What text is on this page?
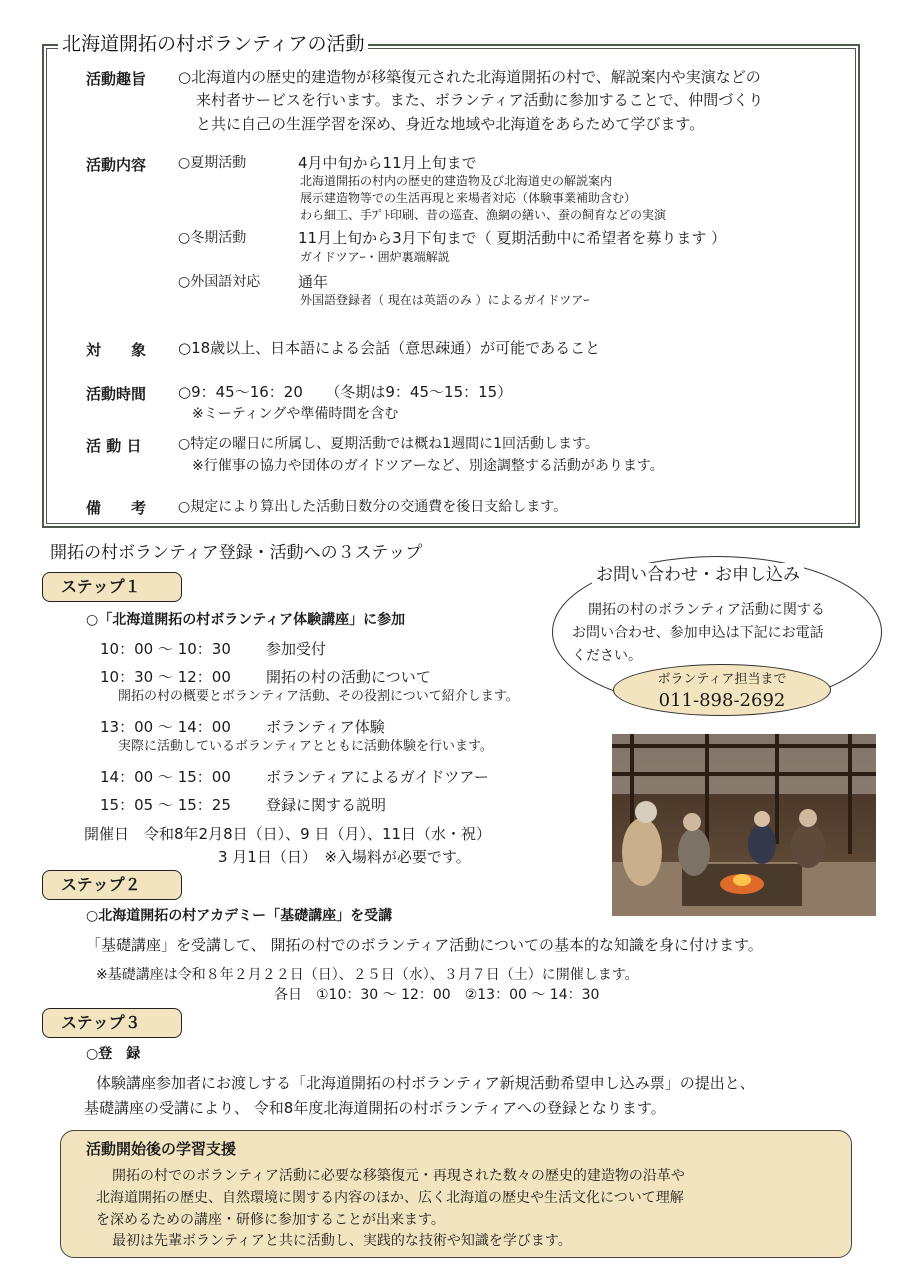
北海道開拓の村ボランティアの活動
活動趣旨 ○北海道内の歴史的建造物が移築復元された北海道開拓の村で、解説案内や実演などの
来村者サービスを行います。また、ボランティア活動に参加することで、仲間づくり
と共に自己の生涯学習を深め、身近な地域や北海道をあらためて学びます。
活動内容 ○夏期活動	4月中旬から11月上旬まで
北海道開拓の村内の歴史的建造物及び北海道史の解説案内
展示建造物等での生活再現と来場者対応（体験事業補助含む）
わら細工、手ﾌﾟﾄ印刷、昔の巡査、漁網の繕い、蚕の飼育などの実演
○冬期活動	11月上旬から3月下旬まで（ 夏期活動中に希望者を募ります ）
ガイドツアｰ・囲炉裏端解説
○外国語対応	通年
外国語登録者（ 現在は英語のみ ）によるガイドツアｰ
対　　象 ○18歳以上、日本語による会話（意思疎通）が可能であること
活動時間 ○9：45～16：20　　（冬期は9：45～15：15）
※ミーティングや準備時間を含む
活 動 日	○特定の曜日に所属し、夏期活動では概ね1週間に1回活動します。
※行催事の協力や団体のガイドツアーなど、別途調整する活動があります。
備　　考 ○規定により算出した活動日数分の交通費を後日支給します。
開拓の村ボランティア登録・活動への３ステップ
ステップ１
○「北海道開拓の村ボランティア体験講座」に参加
10：00 ～ 10：30 参加受付
10：30 ～ 12：00 開拓の村の活動について
開拓の村の概要とボランティア活動、その役割について紹介します。
13：00 ～ 14：00 ボランティア体験
実際に活動しているボランティアとともに活動体験を行います。
14：00 ～ 15：00 ボランティアによるガイドツアー
15：05 ～ 15：25 登録に関する説明
開催日　令和8年2月8日（日）、9 日（月）、11日（水・祝）
3 月1日（日）　※入場料が必要です。
お問い合わせ・お申し込み
開拓の村のボランティア活動に関する
お問い合わせ、参加申込は下記にお電話
ください。
ボランティア担当まで
011-898-2692
ステップ２
○北海道開拓の村アカデミー「基礎講座」を受講
「基礎講座」を受講して、 開拓の村でのボランティア活動についての基本的な知識を身に付けます。
※基礎講座は令和８年２月２２日（日）、２５日（水）、３月７日（土）に開催します。
各日　①10：30 ～ 12：00　②13：00 ～ 14：30
ステップ３
○登　録
体験講座参加者にお渡しする「北海道開拓の村ボランティア新規活動希望申し込み票」の提出と、
基礎講座の受講により、 令和8年度北海道開拓の村ボランティアへの登録となります。
活動開始後の学習支援
開拓の村でのボランティア活動に必要な移築復元・再現された数々の歴史的建造物の沿革や
北海道開拓の歴史、自然環境に関する内容のほか、広く北海道の歴史や生活文化について理解
を深めるための講座・研修に参加することが出来ます。
最初は先輩ボランティアと共に活動し、実践的な技術や知識を学びます。
